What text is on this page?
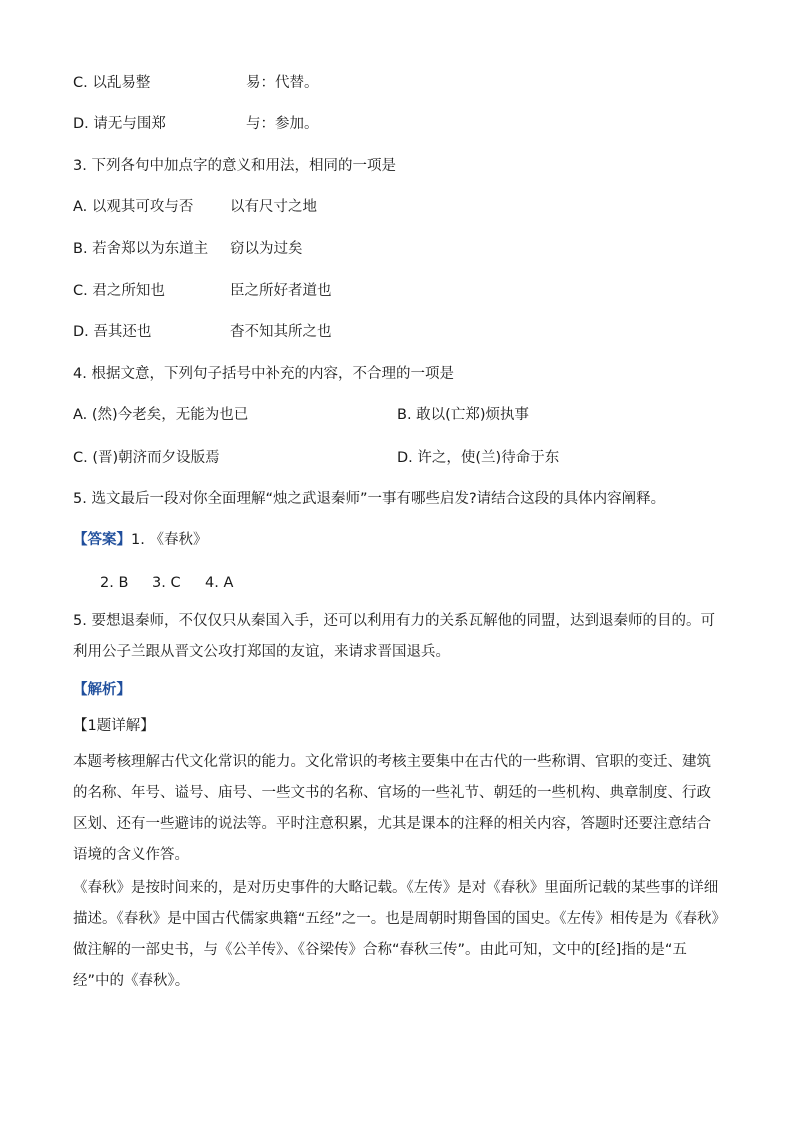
C. 以乱易整	易：代替。
D. 请无与围郑	与：参加。
3. 下列各句中加点字的意义和用法，相同的一项是
A. 以观其可攻与否	以有尺寸之地
B. 若舍郑以为东道主 窃以为过矣
C. 君之所知也	臣之所好者道也
D. 吾其还也	杳不知其所之也
4. 根据文意，下列句子括号中补充的内容，不合理的一项是
A. (然)今老矣，无能为也已	B. 敢以(亡郑)烦执事
C. (晋)朝济而夕设版焉	D. 许之，使(兰)待命于东
5. 选文最后一段对你全面理解“烛之武退秦师”一事有哪些启发?请结合这段的具体内容阐释。
【答案】1. 《春秋》
2. B 3. C 4. A
5. 要想退秦师，不仅仅只从秦国入手，还可以利用有力的关系瓦解他的同盟，达到退秦师的目的。可利用公子兰跟从晋文公攻打郑国的友谊，来请求晋国退兵。
【解析】
【1题详解】
本题考核理解古代文化常识的能力。文化常识的考核主要集中在古代的一些称谓、官职的变迁、建筑的名称、年号、谥号、庙号、一些文书的名称、官场的一些礼节、朝廷的一些机构、典章制度、行政区划、还有一些避讳的说法等。平时注意积累，尤其是课本的注释的相关内容，答题时还要注意结合语境的含义作答。
《春秋》是按时间来的，是对历史事件的大略记载。《左传》是对《春秋》里面所记载的某些事的详细描述。《春秋》是中国古代儒家典籍“五经”之一。也是周朝时期鲁国的国史。《左传》相传是为《春秋》做注解的一部史书，与《公羊传》、《谷梁传》合称“春秋三传”。由此可知，文中的[经]指的是“五经”中的《春秋》。
